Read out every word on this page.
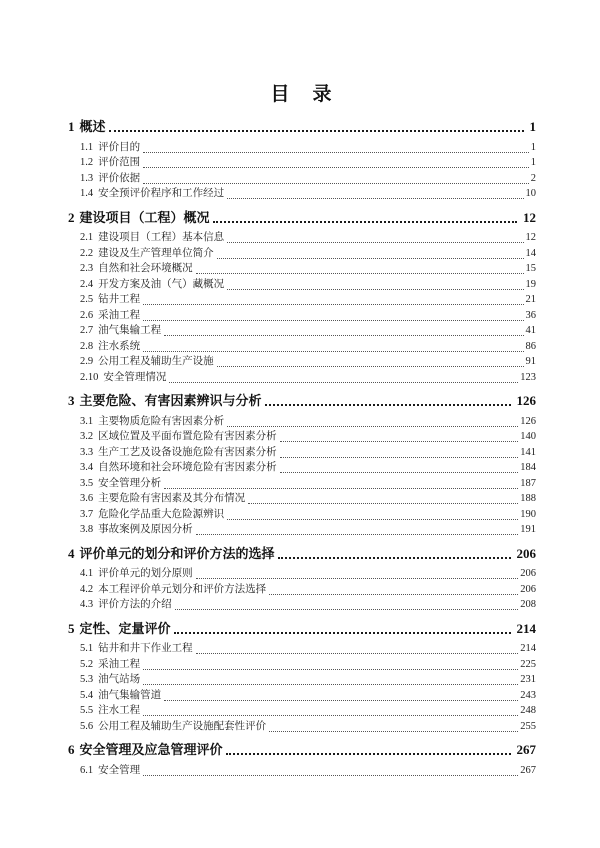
目　录
1 概述	1
1.1 评价目的	1
1.2 评价范围	1
1.3 评价依据	2
1.4 安全预评价程序和工作经过	10
2 建设项目（工程）概况	12
2.1 建设项目（工程）基本信息	12
2.2 建设及生产管理单位简介	14
2.3 自然和社会环境概况	15
2.4 开发方案及油（气）藏概况	19
2.5 钻井工程	21
2.6 采油工程	36
2.7 油气集输工程	41
2.8 注水系统	86
2.9 公用工程及辅助生产设施	91
2.10 安全管理情况	123
3 主要危险、有害因素辨识与分析	126
3.1 主要物质危险有害因素分析	126
3.2 区域位置及平面布置危险有害因素分析	140
3.3 生产工艺及设备设施危险有害因素分析	141
3.4 自然环境和社会环境危险有害因素分析	184
3.5 安全管理分析	187
3.6 主要危险有害因素及其分布情况	188
3.7 危险化学品重大危险源辨识	190
3.8 事故案例及原因分析	191
4 评价单元的划分和评价方法的选择	206
4.1 评价单元的划分原则	206
4.2 本工程评价单元划分和评价方法选择	206
4.3 评价方法的介绍	208
5 定性、定量评价	214
5.1 钻井和井下作业工程	214
5.2 采油工程	225
5.3 油气站场	231
5.4 油气集输管道	243
5.5 注水工程	248
5.6 公用工程及辅助生产设施配套性评价	255
6 安全管理及应急管理评价	267
6.1 安全管理	267
